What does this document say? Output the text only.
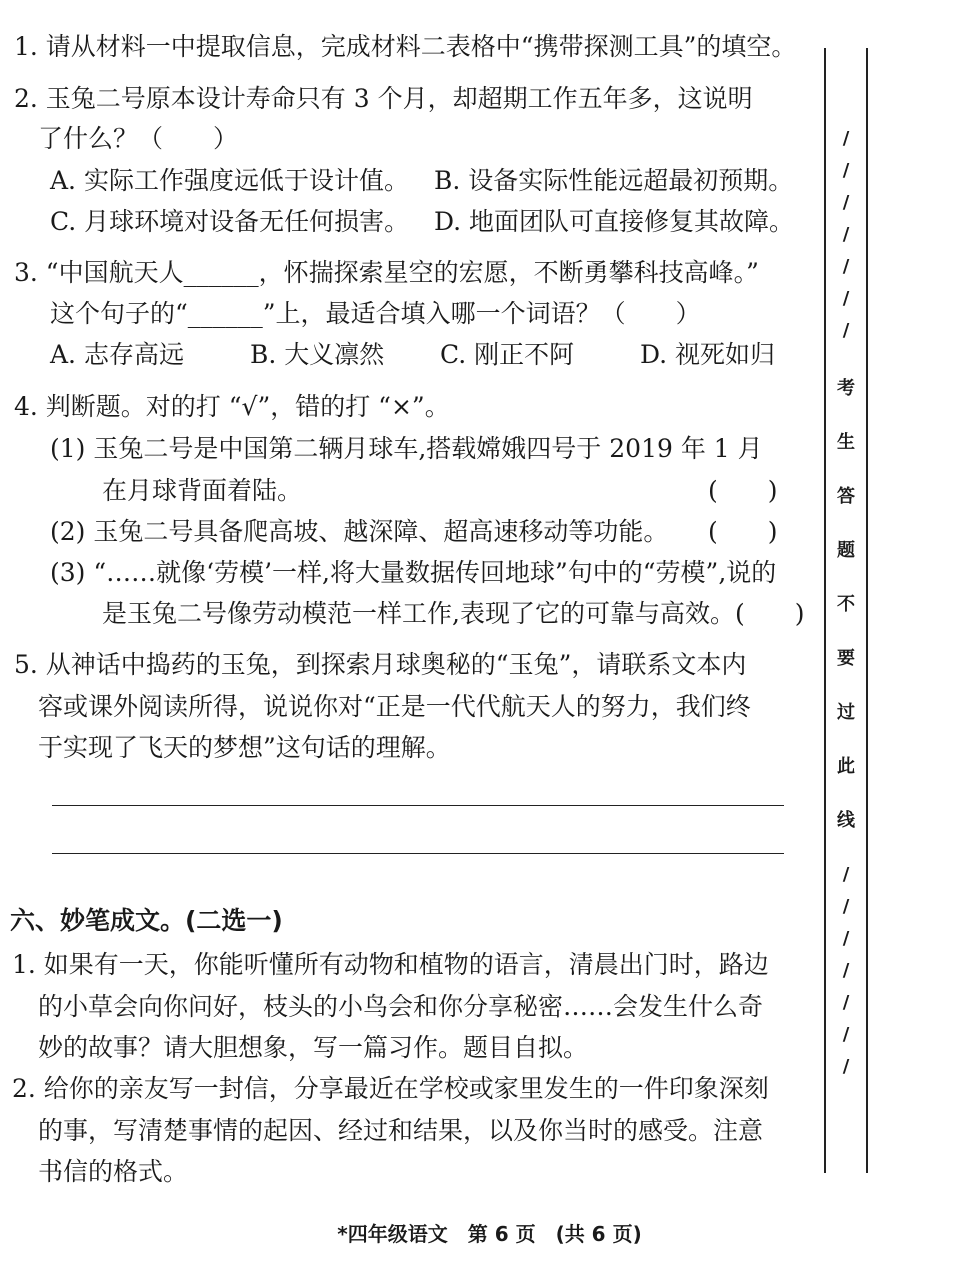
1. 请从材料一中提取信息，完成材料二表格中“携带探测工具”的填空。
2. 玉兔二号原本设计寿命只有 3 个月，却超期工作五年多，这说明
了什么？（　　）
A. 实际工作强度远低于设计值。 B. 设备实际性能远超最初预期。
C. 月球环境对设备无任何损害。 D. 地面团队可直接修复其故障。
3. “中国航天人______，怀揣探索星空的宏愿，不断勇攀科技高峰。”
这个句子的“______”上，最适合填入哪一个词语？（　　）
A. 志存高远	B. 大义凛然 C. 刚正不阿	D. 视死如归
4. 判断题。对的打 “√”，错的打 “×”。
(1) 玉兔二号是中国第二辆月球车,搭载嫦娥四号于 2019 年 1 月
在月球背面着陆。	(　　)
(2) 玉兔二号具备爬高坡、越深障、超高速移动等功能。 (　　)
(3) “……就像‘劳模’一样,将大量数据传回地球”句中的“劳模”,说的
是玉兔二号像劳动模范一样工作,表现了它的可靠与高效。(　　)
5. 从神话中捣药的玉兔，到探索月球奥秘的“玉兔”，请联系文本内
容或课外阅读所得，说说你对“正是一代代航天人的努力，我们终
于实现了飞天的梦想”这句话的理解。
六、妙笔成文。(二选一)
1. 如果有一天，你能听懂所有动物和植物的语言，清晨出门时，路边
的小草会向你问好，枝头的小鸟会和你分享秘密……会发生什么奇
妙的故事？请大胆想象，写一篇习作。题目自拟。
2. 给你的亲友写一封信，分享最近在学校或家里发生的一件印象深刻
的事，写清楚事情的起因、经过和结果，以及你当时的感受。注意
书信的格式。
/
/
/
/
/
/
/
考
生
答
题
不
要
过
此
线
/
/
/
/
/
/
/
*四年级语文　第 6 页　(共 6 页)
